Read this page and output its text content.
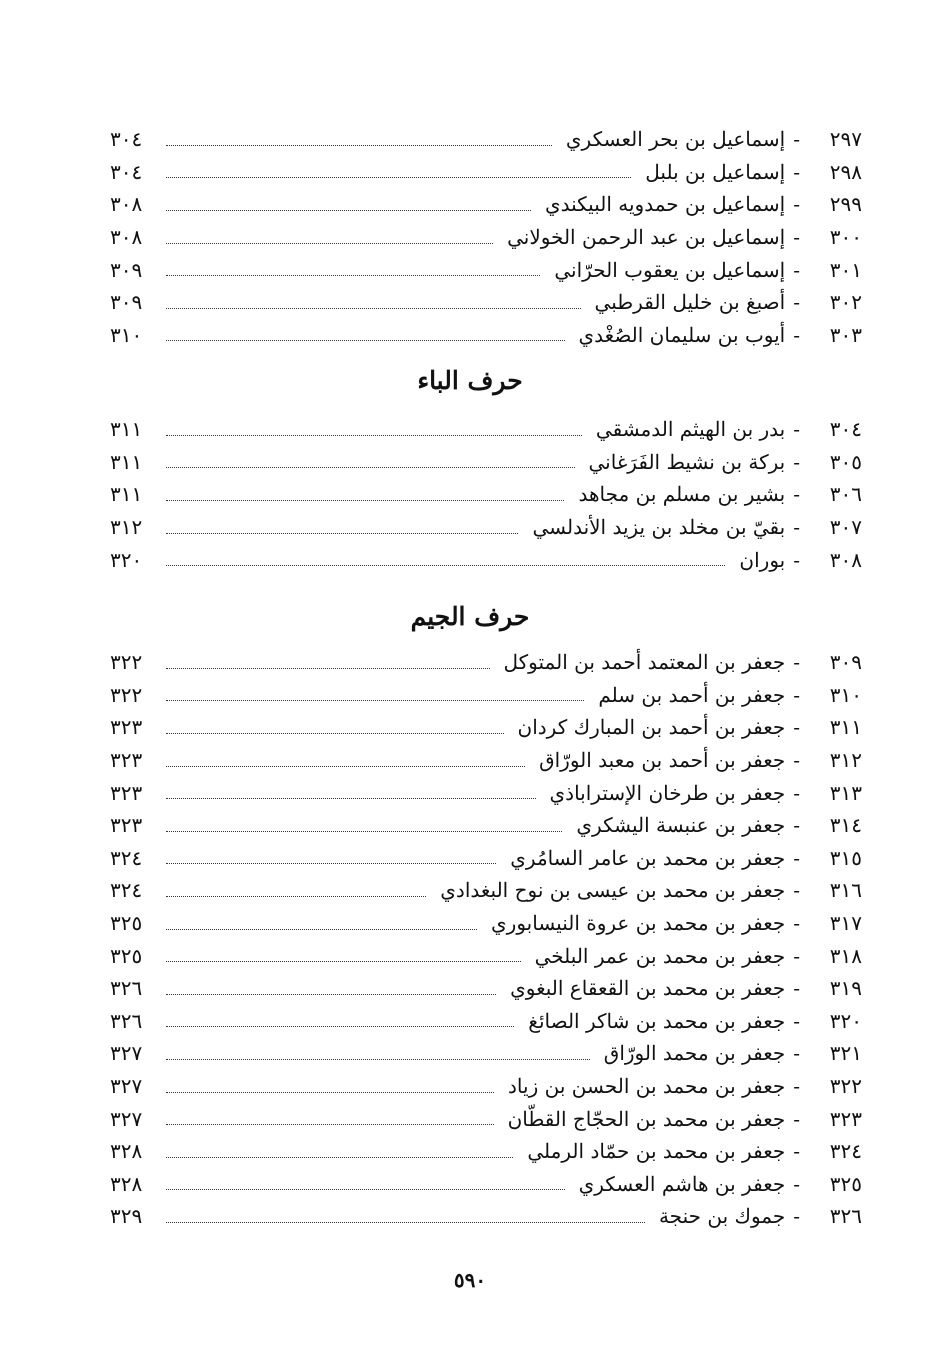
٢٩٧
-
إسماعيل بن بحر العسكري
٣٠٤
٢٩٨
-
إسماعيل بن بلبل
٣٠٤
٢٩٩
-
إسماعيل بن حمدويه البيكندي
٣٠٨
٣٠٠
-
إسماعيل بن عبد الرحمن الخولاني
٣٠٨
٣٠١
-
إسماعيل بن يعقوب الحرّاني
٣٠٩
٣٠٢
-
أصبغ بن خليل القرطبي
٣٠٩
٣٠٣
-
أيوب بن سليمان الصُغْدي
٣١٠
حرف الباء
٣٠٤
-
بدر بن الهيثم الدمشقي
٣١١
٣٠٥
-
بركة بن نشيط الفَرَغاني
٣١١
٣٠٦
-
بشير بن مسلم بن مجاهد
٣١١
٣٠٧
-
بقيّ بن مخلد بن يزيد الأندلسي
٣١٢
٣٠٨
-
بوران
٣٢٠
حرف الجيم
٣٠٩
-
جعفر بن المعتمد أحمد بن المتوكل
٣٢٢
٣١٠
-
جعفر بن أحمد بن سلم
٣٢٢
٣١١
-
جعفر بن أحمد بن المبارك كردان
٣٢٣
٣١٢
-
جعفر بن أحمد بن معبد الورّاق
٣٢٣
٣١٣
-
جعفر بن طرخان الإستراباذي
٣٢٣
٣١٤
-
جعفر بن عنبسة اليشكري
٣٢٣
٣١٥
-
جعفر بن محمد بن عامر السامُري
٣٢٤
٣١٦
-
جعفر بن محمد بن عيسى بن نوح البغدادي
٣٢٤
٣١٧
-
جعفر بن محمد بن عروة النيسابوري
٣٢٥
٣١٨
-
جعفر بن محمد بن عمر البلخي
٣٢٥
٣١٩
-
جعفر بن محمد بن القعقاع البغوي
٣٢٦
٣٢٠
-
جعفر بن محمد بن شاكر الصائغ
٣٢٦
٣٢١
-
جعفر بن محمد الورّاق
٣٢٧
٣٢٢
-
جعفر بن محمد بن الحسن بن زياد
٣٢٧
٣٢٣
-
جعفر بن محمد بن الحجّاج القطّان
٣٢٧
٣٢٤
-
جعفر بن محمد بن حمّاد الرملي
٣٢٨
٣٢٥
-
جعفر بن هاشم العسكري
٣٢٨
٣٢٦
-
جموك بن حنجة
٣٢٩
٥٩٠
